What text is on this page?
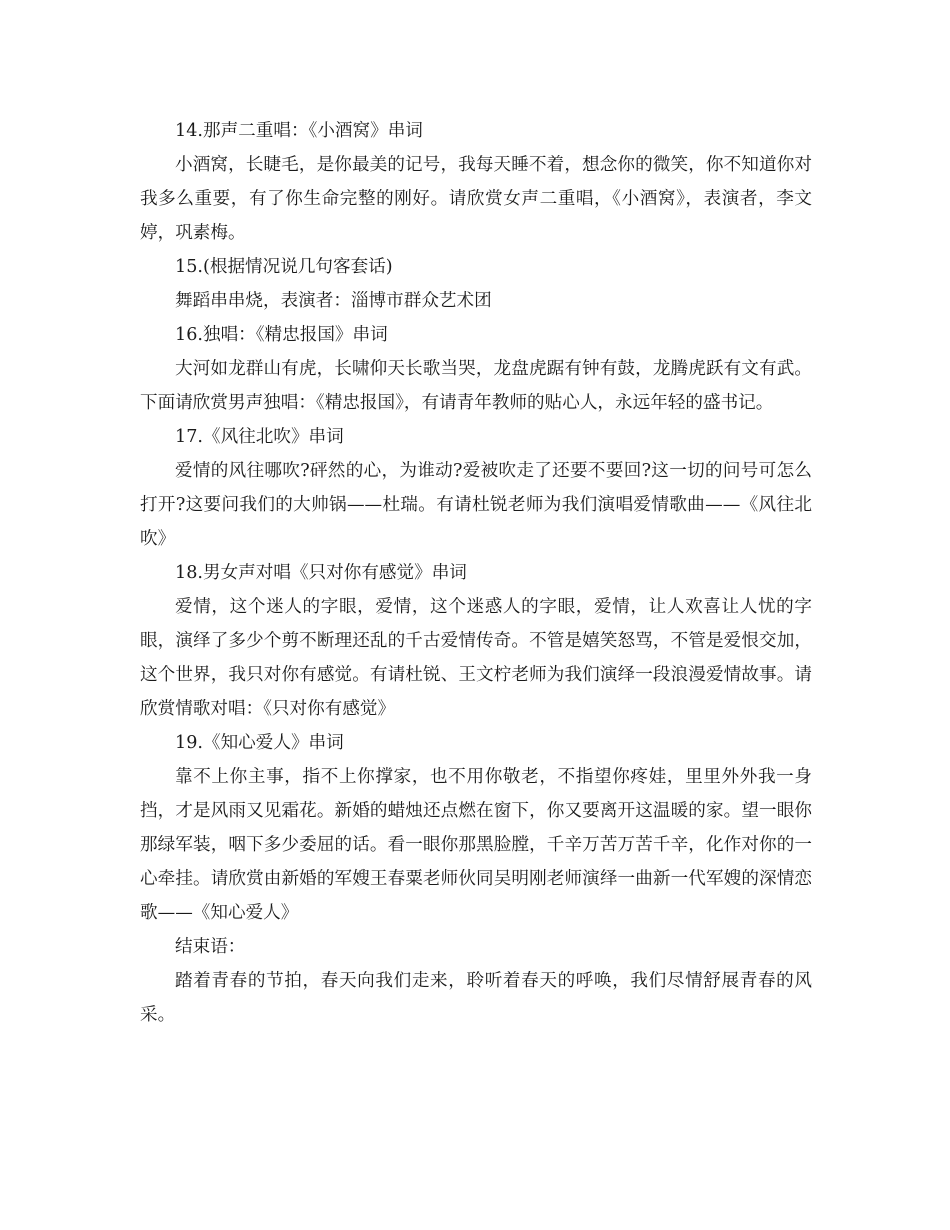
14.那声二重唱：《小酒窝》串词

小酒窝，长睫毛，是你最美的记号，我每天睡不着，想念你的微笑，你不知道你对我多么重要，有了你生命完整的刚好。请欣赏女声二重唱，《小酒窝》，表演者，李文婷，巩素梅。

15.(根据情况说几句客套话)

舞蹈串串烧，表演者：淄博市群众艺术团

16.独唱：《精忠报国》串词

大河如龙群山有虎，长啸仰天长歌当哭，龙盘虎踞有钟有鼓，龙腾虎跃有文有武。下面请欣赏男声独唱：《精忠报国》，有请青年教师的贴心人，永远年轻的盛书记。

17.《风往北吹》串词

爱情的风往哪吹?砰然的心，为谁动?爱被吹走了还要不要回?这一切的问号可怎么打开?这要问我们的大帅锅——杜瑞。有请杜锐老师为我们演唱爱情歌曲——《风往北吹》

18.男女声对唱《只对你有感觉》串词

爱情，这个迷人的字眼，爱情，这个迷惑人的字眼，爱情，让人欢喜让人忧的字眼，演绎了多少个剪不断理还乱的千古爱情传奇。不管是嬉笑怒骂，不管是爱恨交加，这个世界，我只对你有感觉。有请杜锐、王文柠老师为我们演绎一段浪漫爱情故事。请欣赏情歌对唱：《只对你有感觉》

19.《知心爱人》串词

靠不上你主事，指不上你撑家，也不用你敬老，不指望你疼娃，里里外外我一身挡，才是风雨又见霜花。新婚的蜡烛还点燃在窗下，你又要离开这温暖的家。望一眼你那绿军装，咽下多少委屈的话。看一眼你那黑脸膛，千辛万苦万苦千辛，化作对你的一心牵挂。请欣赏由新婚的军嫂王春粟老师伙同吴明刚老师演绎一曲新一代军嫂的深情恋歌——《知心爱人》

结束语：

踏着青春的节拍，春天向我们走来，聆听着春天的呼唤，我们尽情舒展青春的风采。
